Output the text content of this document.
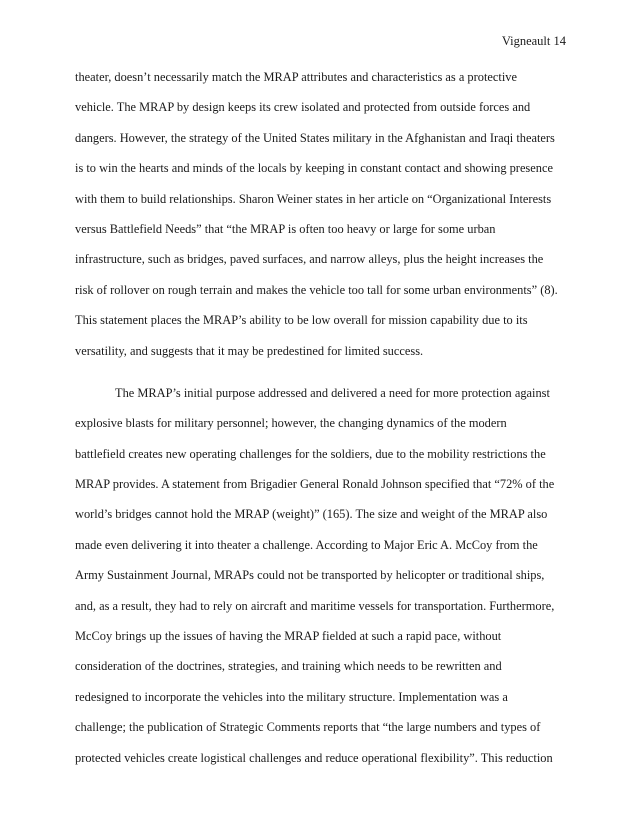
Vigneault 14
theater, doesn’t necessarily match the MRAP attributes and characteristics as a protective
vehicle. The MRAP by design keeps its crew isolated and protected from outside forces and
dangers. However, the strategy of the United States military in the Afghanistan and Iraqi theaters
is to win the hearts and minds of the locals by keeping in constant contact and showing presence
with them to build relationships. Sharon Weiner states in her article on “Organizational Interests
versus Battlefield Needs” that “the MRAP is often too heavy or large for some urban
infrastructure, such as bridges, paved surfaces, and narrow alleys, plus the height increases the
risk of rollover on rough terrain and makes the vehicle too tall for some urban environments” (8).
This statement places the MRAP’s ability to be low overall for mission capability due to its
versatility, and suggests that it may be predestined for limited success.
The MRAP’s initial purpose addressed and delivered a need for more protection against
explosive blasts for military personnel; however, the changing dynamics of the modern
battlefield creates new operating challenges for the soldiers, due to the mobility restrictions the
MRAP provides. A statement from Brigadier General Ronald Johnson specified that “72% of the
world’s bridges cannot hold the MRAP (weight)” (165). The size and weight of the MRAP also
made even delivering it into theater a challenge. According to Major Eric A. McCoy from the
Army Sustainment Journal, MRAPs could not be transported by helicopter or traditional ships,
and, as a result, they had to rely on aircraft and maritime vessels for transportation. Furthermore,
McCoy brings up the issues of having the MRAP fielded at such a rapid pace, without
consideration of the doctrines, strategies, and training which needs to be rewritten and
redesigned to incorporate the vehicles into the military structure. Implementation was a
challenge; the publication of Strategic Comments reports that “the large numbers and types of
protected vehicles create logistical challenges and reduce operational flexibility”. This reduction
